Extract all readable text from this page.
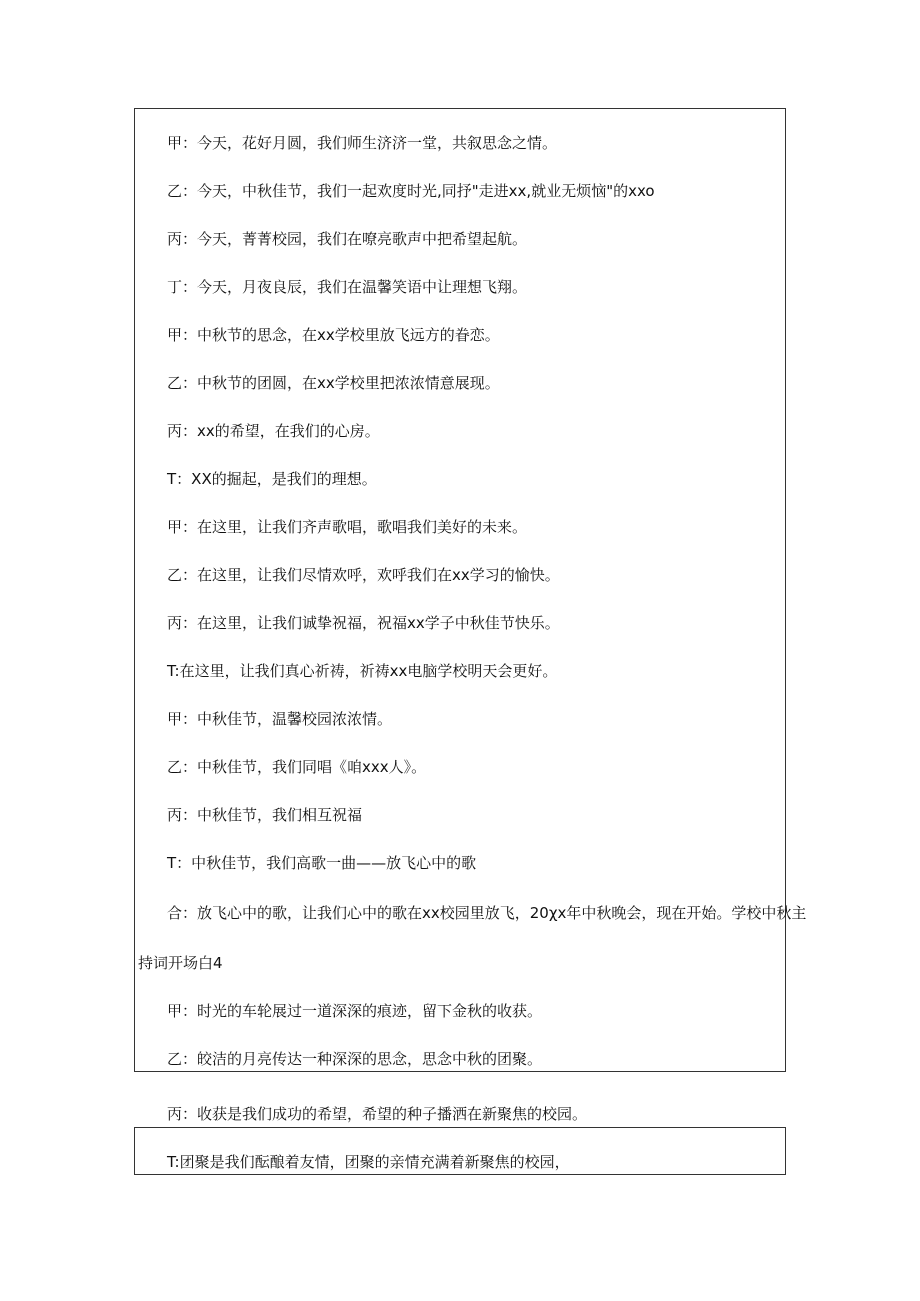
甲：今天，花好月圆，我们师生济济一堂，共叙思念之情。
乙：今天，中秋佳节，我们一起欢度时光,同抒"走进xx,就业无烦恼"的xxo
丙：今天，菁菁校园，我们在嘹亮歌声中把希望起航。
丁：今天，月夜良辰，我们在温馨笑语中让理想飞翔。
甲：中秋节的思念，在xx学校里放飞远方的眷恋。
乙：中秋节的团圆，在xx学校里把浓浓情意展现。
丙：xx的希望，在我们的心房。
T：XX的掘起，是我们的理想。
甲：在这里，让我们齐声歌唱，歌唱我们美好的未来。
乙：在这里，让我们尽情欢呼，欢呼我们在xx学习的愉快。
丙：在这里，让我们诚挚祝福，祝福xx学子中秋佳节快乐。
T:在这里，让我们真心祈祷，祈祷xx电脑学校明天会更好。
甲：中秋佳节，温馨校园浓浓情。
乙：中秋佳节，我们同唱《咱xxx人》。
丙：中秋佳节，我们相互祝福
T：中秋佳节，我们高歌一曲——放飞心中的歌
合：放飞心中的歌，让我们心中的歌在xx校园里放飞，20χx年中秋晚会，现在开始。学校中秋主
持词开场白4
甲：时光的车轮展过一道深深的痕迹，留下金秋的收获。
乙：皎洁的月亮传达一种深深的思念，思念中秋的团聚。
丙：收获是我们成功的希望，希望的种子播洒在新聚焦的校园。
T:团聚是我们酝酿着友情，团聚的亲情充满着新聚焦的校园，
